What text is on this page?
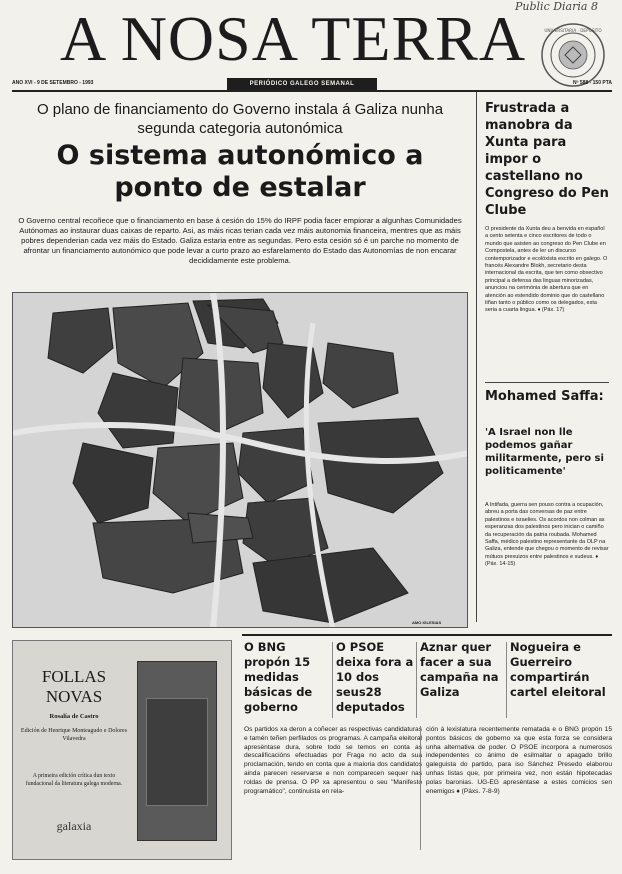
A NOSA TERRA
Public Diaria 8
UNIVERSITARIA · DEPOSITO
ANO XVI - 9 DE SETEMBRO - 1993	PERIÓDICO GALEGO SEMANAL	Nº 588 - 150 PTA
O plano de financiamento do Governo instala á Galiza nunha segunda categoria autonómica
O sistema autonómico a ponto de estalar
O Governo central recoñece que o financiamento en base á cesión do 15% do IRPF podia facer empiorar a algunhas Comunidades Autónomas ao instaurar duas caixas de reparto. Asi, as máis ricas terian cada vez máis autonomia financeira, mentres que as máis pobres dependerian cada vez máis do Estado. Galiza estaria entre as segundas. Pero esta cesión só é un parche no momento de afrontar un financiamento autonómico que pode levar a curto prazo ao esfarelamento do Estado das Autonomías de non encarar decididamente este problema.
AMO IGLESIAS
Frustrada a manobra da Xunta para impor o castellano no Congreso do Pen Clube
O presidente da Xunta deu a benvida en español a cento setenta e cinco escritores de todo o mundo que asisten ao congreso do Pen Clube en Compostela, antes de ler un discurso contemporizador e ecolóxista escrito en galego. O francés Alexandre Blokh, secretario desta internacional da escrita, que ten como obxectivo principal a defensa das linguas minorizadas, anunciou na cerimónia de abertura que en atención ao estendido dominio que do castellano tiñan tanto o público como os delegados, esta seria a cuarta lingua. ♦ (Páx. 17)
Mohamed Saffa:
'A Israel non lle podemos gañar militarmente, pero si politicamente'
A Intifada, guerra sen pouso contra a ocupación, abreu a porta das conversas de paz entre palestinos e israelies. Os acordos non colman as esperanzas dos palestinos pero inician o camiño da recuperación da patria roubada. Mohamed Saffa, médico palestino representante da OLP na Galiza, entende que chegou o momento de revisar mútuos prexuizos entre palestinos e xudeus. ♦ (Páx. 14-15)
FOLLAS NOVAS
Rosalía de Castro
Edición de Henrique Monteagudo e Dolores Vilavedra
A primeira edición crítica dun texto fundacional da literatura galega moderna.
galaxia
O BNG propón 15 medidas básicas de goberno
O PSOE deixa fora a 10 dos seus28 deputados
Aznar quer facer a sua campaña na Galiza
Nogueira e Guerreiro compartirán cartel eleitoral
Os partidos xa deron a coñecer as respectivas candidaturas e tamén teñen perfilados os programas. A campaña eleitoral apresèntase dura, sobre todo se temos en conta as descalificacións efectuadas por Fraga no acto da sua proclamación, tendo en conta que a maioria dos candidatos ainda parecen reservarse e non comparecen sequer nas roldas de prensa. O PP xa apresentou o seu "Manifesto programático", continuista en rela-
ción á lexislatura recentemente rematada e o BNG propón 15 pontos básicos de goberno xa que esta forza se considera unha alternativa de poder. O PSOE incorpora a numerosos independentes co ánimo de esilmaltar o apagado brillo galeguista do partido, para iso Sánchez Presedo elaborou unhas listas que, por primeira vez, non están hipotecadas polas baronias. UG-EG apresèntase a estes comicios sen enemigos ♦ (Páxs. 7-8-9)
